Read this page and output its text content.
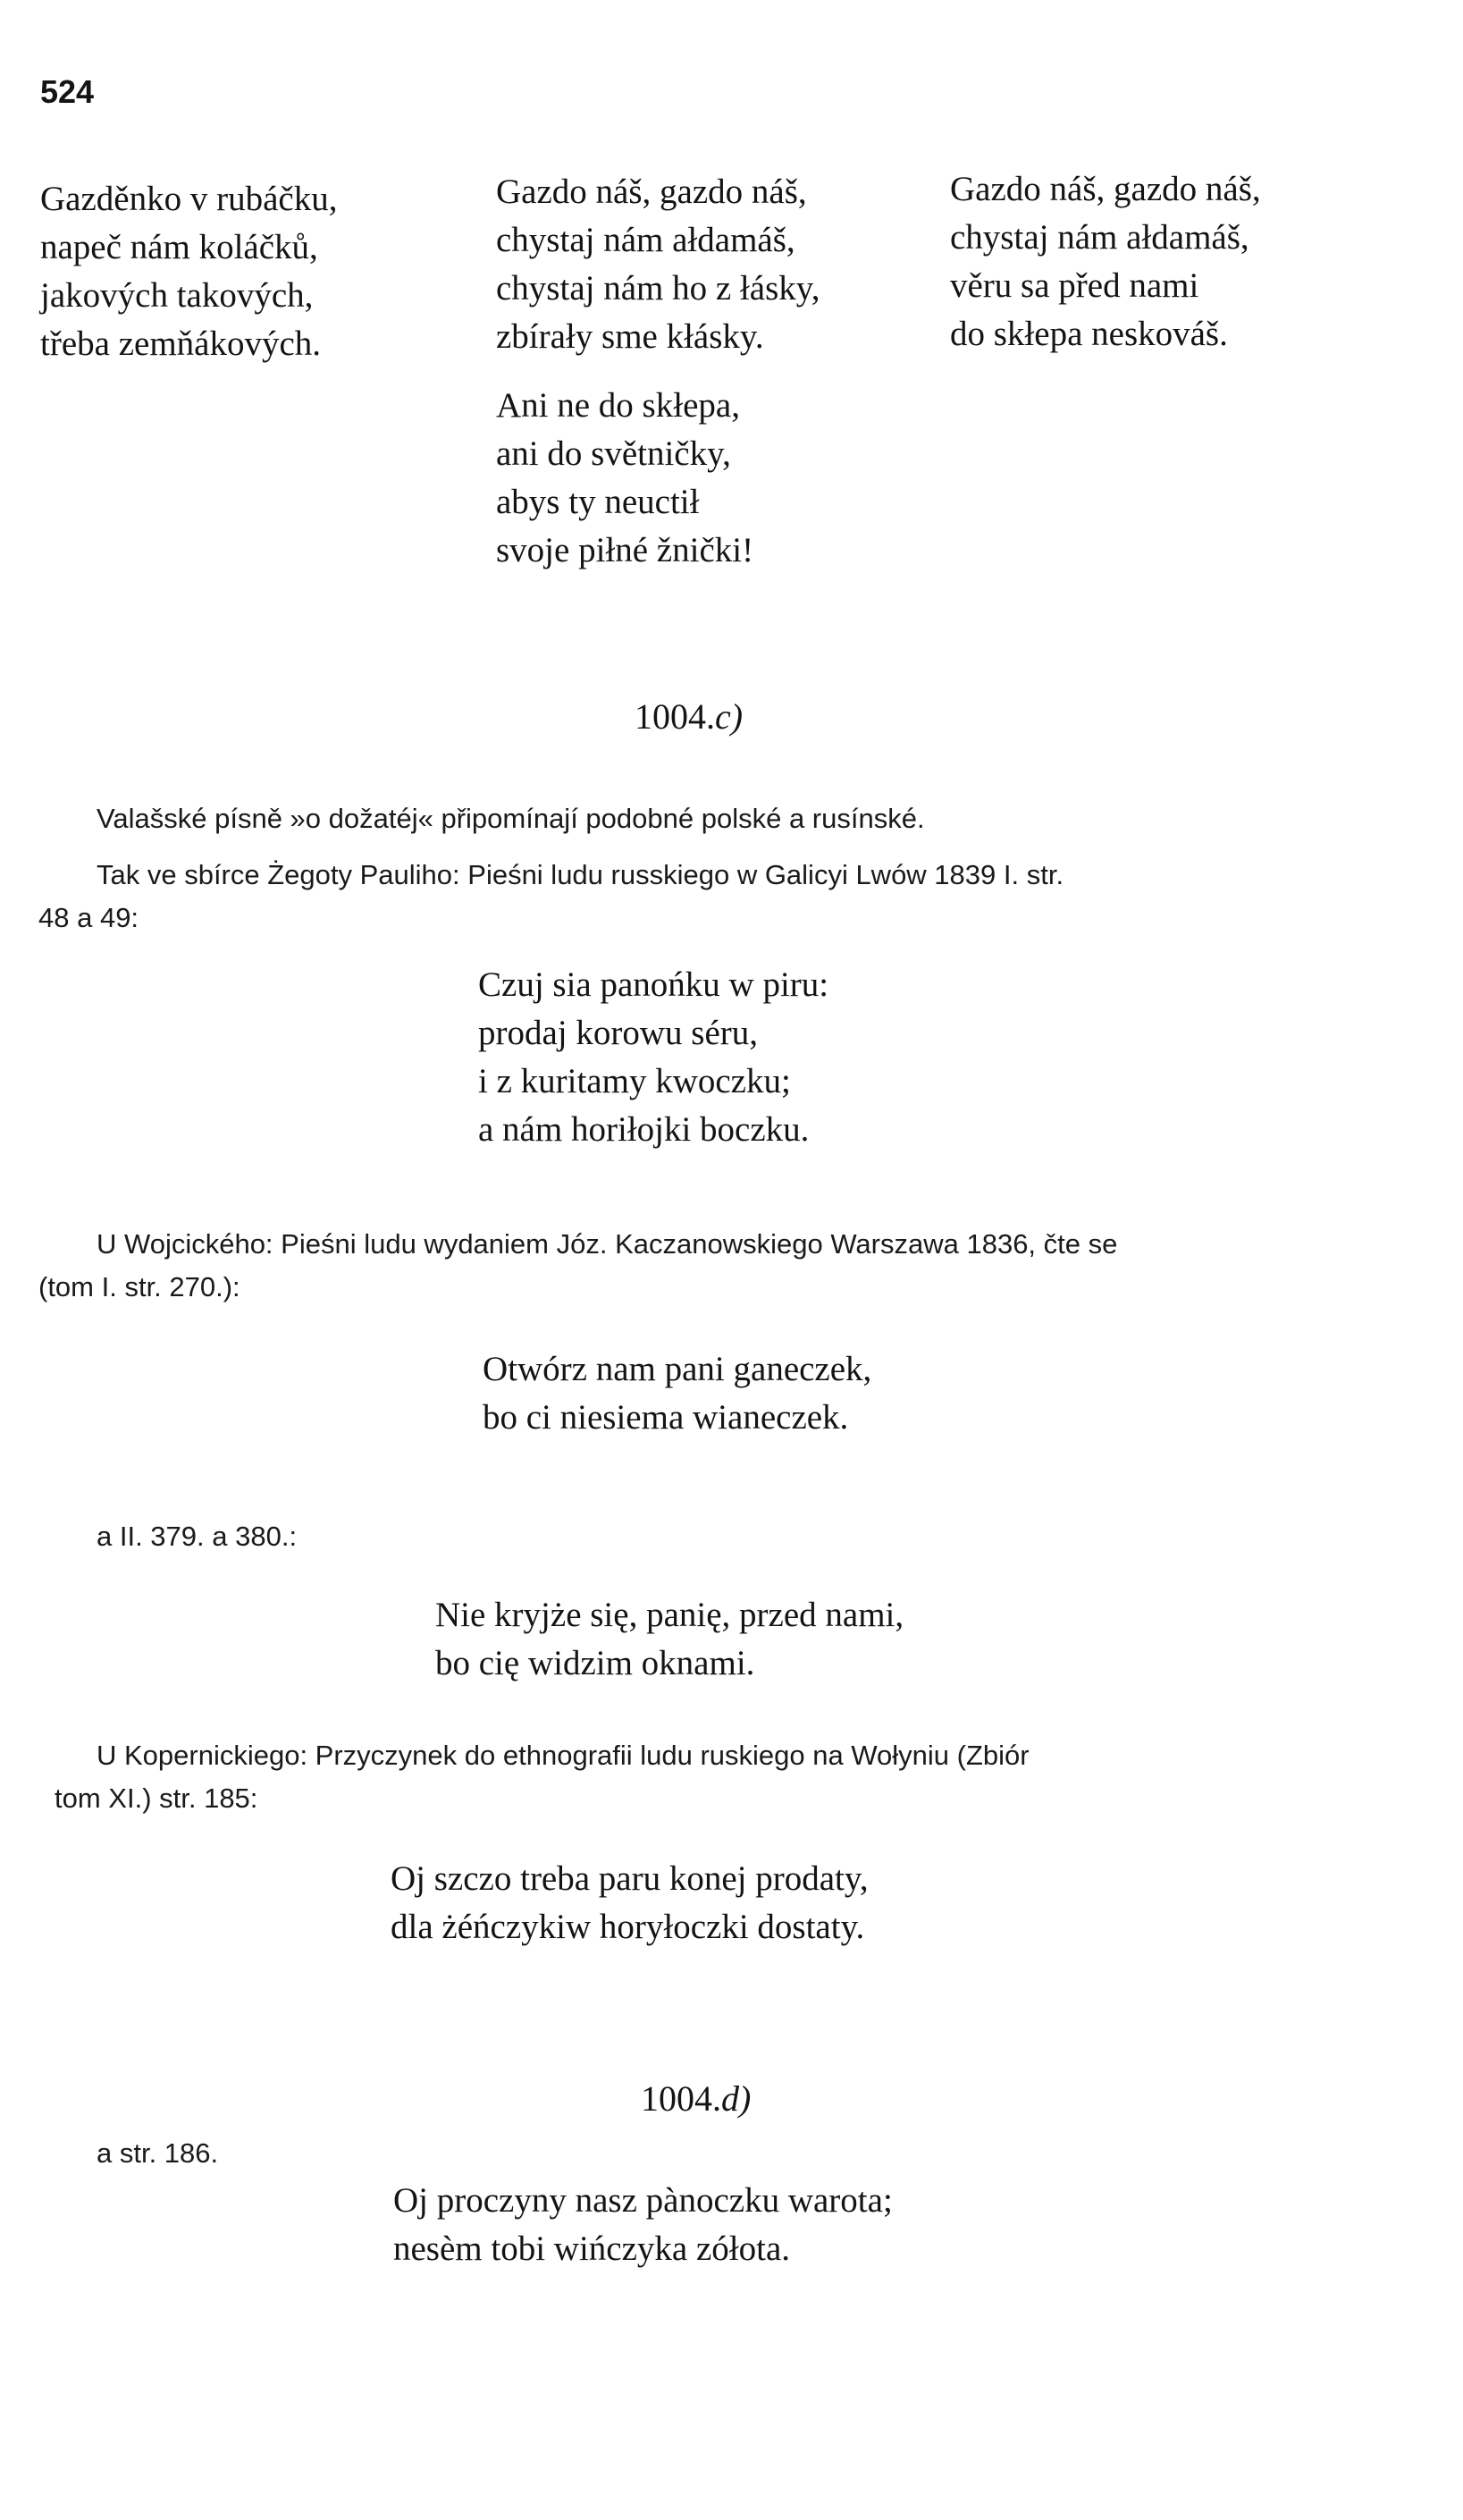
524
Gazděnko v rubáčku,
napeč nám koláčků,
jakových takových,
třeba zemňákových.
Gazdo náš, gazdo náš,
chystaj nám ałdamáš,
chystaj nám ho z łásky,
zbírały sme kłásky.
Ani ne do skłepa,
ani do světničky,
abys ty neuctił
svoje piłné žnički!
Gazdo náš, gazdo náš,
chystaj nám ałdamáš,
věru sa před nami
do skłepa neskováš.
1004.c)
Valašské písně »o dožatéj« připomínají podobné polské a rusínské.
Tak ve sbírce Żegoty Pauliho: Pieśni ludu russkiego w Galicyi Lwów 1839 I. str.
48 a 49:
Czuj sia panońku w piru:
prodaj korowu séru,
i z kuritamy kwoczku;
a nám horiłojki boczku.
U Wojcického: Pieśni ludu wydaniem Józ. Kaczanowskiego Warszawa 1836, čte se
(tom I. str. 270.):
Otwórz nam pani ganeczek,
bo ci niesiema wianeczek.
a II. 379. a 380.:
Nie kryjże się, panię, przed nami,
bo cię widzim oknami.
U Kopernickiego: Przyczynek do ethnografii ludu ruskiego na Wołyniu (Zbiór
tom XI.) str. 185:
Oj szczo treba paru konej prodaty,
dla żéńczykiw horyłoczki dostaty.
1004.d)
a str. 186.
Oj proczyny nasz pànoczku warota;
nesèm tobi wińczyka zółota.
